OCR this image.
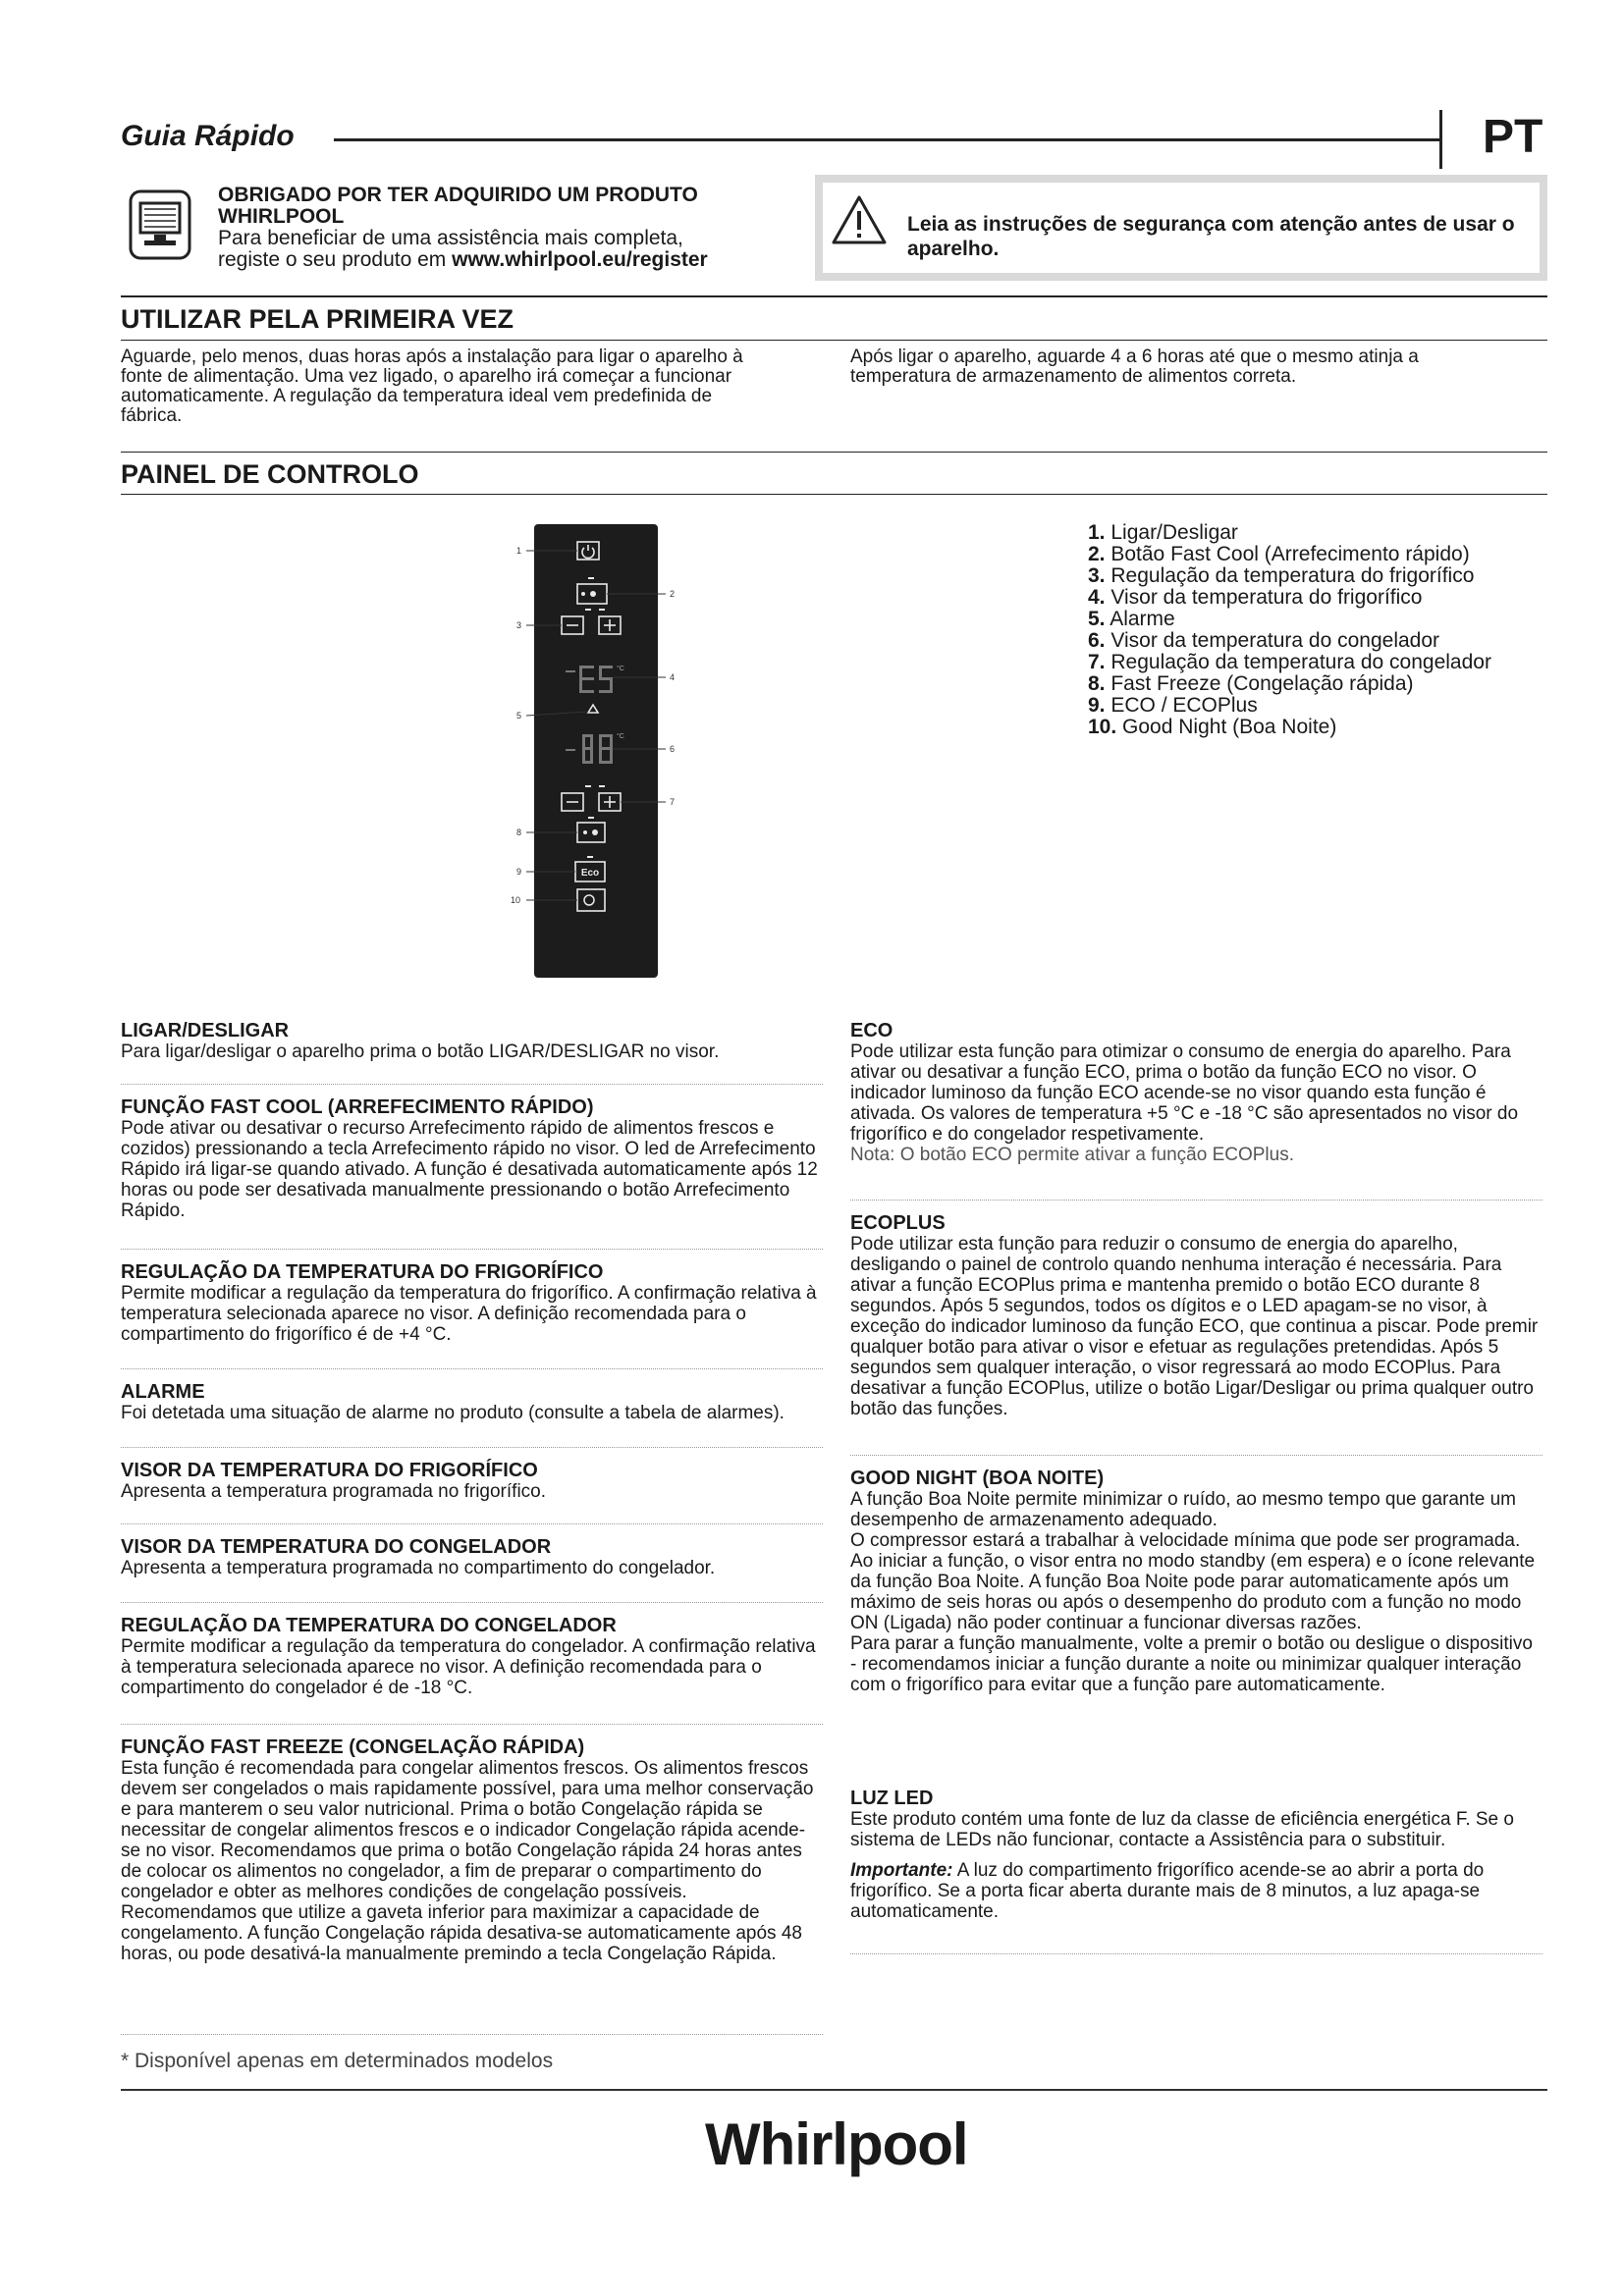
Guia Rápido	PT
OBRIGADO POR TER ADQUIRIDO UM PRODUTO WHIRLPOOL
Para beneficiar de uma assistência mais completa,
registe o seu produto em www.whirlpool.eu/register
Leia as instruções de segurança com atenção antes de usar o aparelho.
UTILIZAR PELA PRIMEIRA VEZ
Aguarde, pelo menos, duas horas após a instalação para ligar o aparelho à fonte de alimentação. Uma vez ligado, o aparelho irá começar a funcionar automaticamente. A regulação da temperatura ideal vem predefinida de fábrica.
Após ligar o aparelho, aguarde 4 a 6 horas até que o mesmo atinja a temperatura de armazenamento de alimentos correta.
PAINEL DE CONTROLO
Eco
°C
°C
1
2
3
4
5
6
7
8
9
10
1. Ligar/Desligar
2. Botão Fast Cool (Arrefecimento rápido)
3. Regulação da temperatura do frigorífico
4. Visor da temperatura do frigorífico
5. Alarme
6. Visor da temperatura do congelador
7. Regulação da temperatura do congelador
8. Fast Freeze (Congelação rápida)
9. ECO / ECOPlus
10. Good Night (Boa Noite)
LIGAR/DESLIGAR
Para ligar/desligar o aparelho prima o botão LIGAR/DESLIGAR no visor.
FUNÇÃO FAST COOL (ARREFECIMENTO RÁPIDO)
Pode ativar ou desativar o recurso Arrefecimento rápido de alimentos frescos e cozidos) pressionando a tecla Arrefecimento rápido no visor. O led de Arrefecimento Rápido irá ligar-se quando ativado. A função é desativada automaticamente após 12 horas ou pode ser desativada manualmente pressionando o botão Arrefecimento Rápido.
REGULAÇÃO DA TEMPERATURA DO FRIGORÍFICO
Permite modificar a regulação da temperatura do frigorífico. A confirmação relativa à temperatura selecionada aparece no visor. A definição recomendada para o compartimento do frigorífico é de +4 °C.
ALARME
Foi detetada uma situação de alarme no produto (consulte a tabela de alarmes).
VISOR DA TEMPERATURA DO FRIGORÍFICO
Apresenta a temperatura programada no frigorífico.
VISOR DA TEMPERATURA DO CONGELADOR
Apresenta a temperatura programada no compartimento do congelador.
REGULAÇÃO DA TEMPERATURA DO CONGELADOR
Permite modificar a regulação da temperatura do congelador. A confirmação relativa à temperatura selecionada aparece no visor. A definição recomendada para o compartimento do congelador é de -18 °C.
FUNÇÃO FAST FREEZE (CONGELAÇÃO RÁPIDA)
Esta função é recomendada para congelar alimentos frescos. Os alimentos frescos devem ser congelados o mais rapidamente possível, para uma melhor conservação e para manterem o seu valor nutricional. Prima o botão Congelação rápida se necessitar de congelar alimentos frescos e o indicador Congelação rápida acende-se no visor. Recomendamos que prima o botão Congelação rápida 24 horas antes de colocar os alimentos no congelador, a fim de preparar o compartimento do congelador e obter as melhores condições de congelação possíveis. Recomendamos que utilize a gaveta inferior para maximizar a capacidade de congelamento. A função Congelação rápida desativa-se automaticamente após 48 horas, ou pode desativá-la manualmente premindo a tecla Congelação Rápida.
ECO
Pode utilizar esta função para otimizar o consumo de energia do aparelho. Para ativar ou desativar a função ECO, prima o botão da função ECO no visor. O indicador luminoso da função ECO acende-se no visor quando esta função é ativada. Os valores de temperatura +5 °C e -18 °C são apresentados no visor do frigorífico e do congelador respetivamente.
Nota: O botão ECO permite ativar a função ECOPlus.
ECOPLUS
Pode utilizar esta função para reduzir o consumo de energia do aparelho, desligando o painel de controlo quando nenhuma interação é necessária. Para ativar a função ECOPlus prima e mantenha premido o botão ECO durante 8 segundos. Após 5 segundos, todos os dígitos e o LED apagam-se no visor, à exceção do indicador luminoso da função ECO, que continua a piscar. Pode premir qualquer botão para ativar o visor e efetuar as regulações pretendidas. Após 5 segundos sem qualquer interação, o visor regressará ao modo ECOPlus. Para desativar a função ECOPlus, utilize o botão Ligar/Desligar ou prima qualquer outro botão das funções.
GOOD NIGHT (BOA NOITE)
A função Boa Noite permite minimizar o ruído, ao mesmo tempo que garante um desempenho de armazenamento adequado.
O compressor estará a trabalhar à velocidade mínima que pode ser programada. Ao iniciar a função, o visor entra no modo standby (em espera) e o ícone relevante da função Boa Noite. A função Boa Noite pode parar automaticamente após um máximo de seis horas ou após o desempenho do produto com a função no modo ON (Ligada) não poder continuar a funcionar diversas razões.
Para parar a função manualmente, volte a premir o botão ou desligue o dispositivo - recomendamos iniciar a função durante a noite ou minimizar qualquer interação com o frigorífico para evitar que a função pare automaticamente.
LUZ LED
Este produto contém uma fonte de luz da classe de eficiência energética F. Se o sistema de LEDs não funcionar, contacte a Assistência para o substituir.
Importante: A luz do compartimento frigorífico acende-se ao abrir a porta do frigorífico. Se a porta ficar aberta durante mais de 8 minutos, a luz apaga-se automaticamente.
* Disponível apenas em determinados modelos
Whirlpool
